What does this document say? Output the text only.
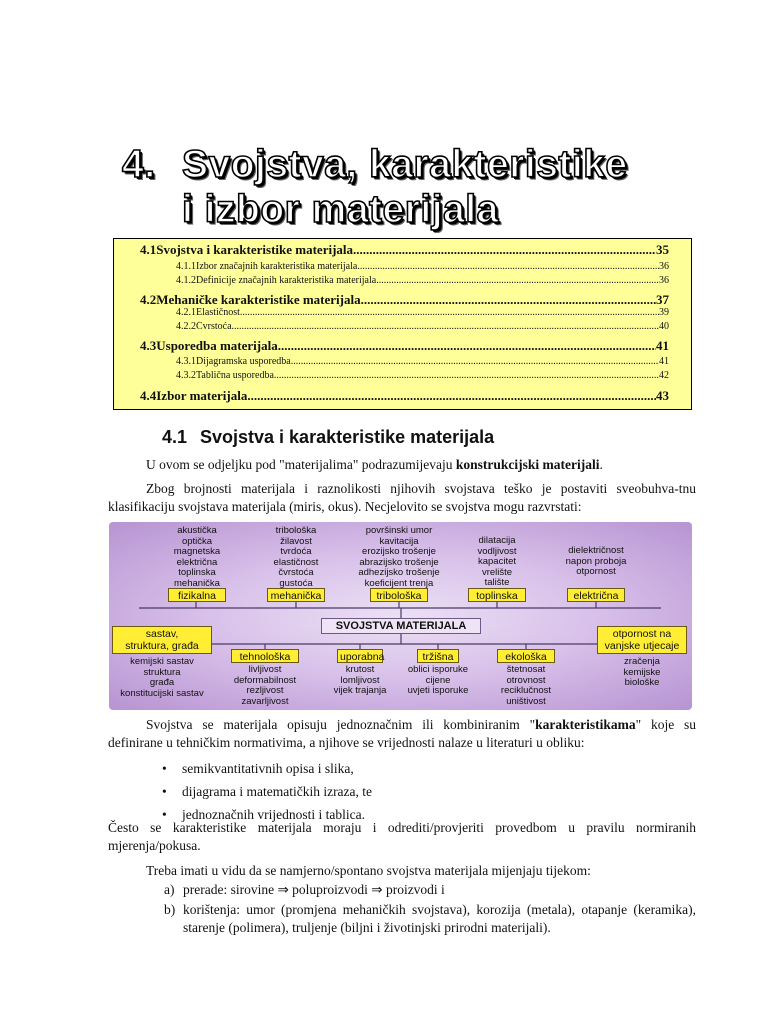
4. Svojstva, karakteristike
i izbor materijala
4.1 Svojstva i karakteristike materijala .....	35
4.1.1 Izbor značajnih karakteristika materijala .....	36
4.1.2 Definicije značajnih karakteristika materijala .....	36
4.2 Mehaničke karakteristike materijala .....	37
4.2.1 Elastičnost .....	39
4.2.2 Čvrstoća .....	40
4.3 Usporedba materijala .....	41
4.3.1 Dijagramska usporedba .....	41
4.3.2 Tablična usporedba .....	42
4.4 Izbor materijala .....	43
4.1 Svojstva i karakteristike materijala
U ovom se odjeljku pod "materijalima" podrazumijevaju konstrukcijski materijali.
Zbog brojnosti materijala i raznolikosti njihovih svojstava teško je postaviti sveobuhva-tnu klasifikaciju svojstava materijala (miris, okus). Necjelovito se svojstva mogu razvrstati:
SVOJSTVA MATERIJALA
akustička
optička
magnetska
električna
toplinska
mehanička
fizikalna
tribološka
žilavost
tvrdoća
elastičnost
čvrstoća
gustoća
mehanička
površinski umor
kavitacija
erozijsko trošenje
abrazijsko trošenje
adhezijsko trošenje
koeficijent trenja
tribološka
dilatacija
vodljivost
kapacitet
vrelište
talište
toplinska
dielektričnost
napon proboja
otpornost
električna
tehnološka
livljivost
deformabilnost
rezljivost
zavarljivost
uporabna
krutost
lomljivost
vijek trajanja
tržišna
oblici isporuke
cijene
uvjeti isporuke
ekološka
štetnosat
otrovnost
reciklučnost
uništivost
sastav,
struktura, građa
kemijski sastav
struktura
građa
konstitucijski sastav
otpornost na
vanjske utjecaje
zračenja
kemijske
biološke
Svojstva se materijala opisuju jednoznačnim ili kombiniranim "karakteristikama" koje su definirane u tehničkim normativima, a njihove se vrijednosti nalaze u literaturi u obliku:
• semikvantitativnih opisa i slika,
• dijagrama i matematičkih izraza, te
• jednoznačnih vrijednosti i tablica.
Često se karakteristike materijala moraju i odrediti/provjeriti provedbom u pravilu normiranih mjerenja/pokusa.
Treba imati u vidu da se namjerno/spontano svojstva materijala mijenjaju tijekom:
a) prerade: sirovine ⇒ poluproizvodi ⇒ proizvodi i
b) korištenja: umor (promjena mehaničkih svojstava), korozija (metala), otapanje (keramika), starenje (polimera), truljenje (biljni i životinjski prirodni materijali).
